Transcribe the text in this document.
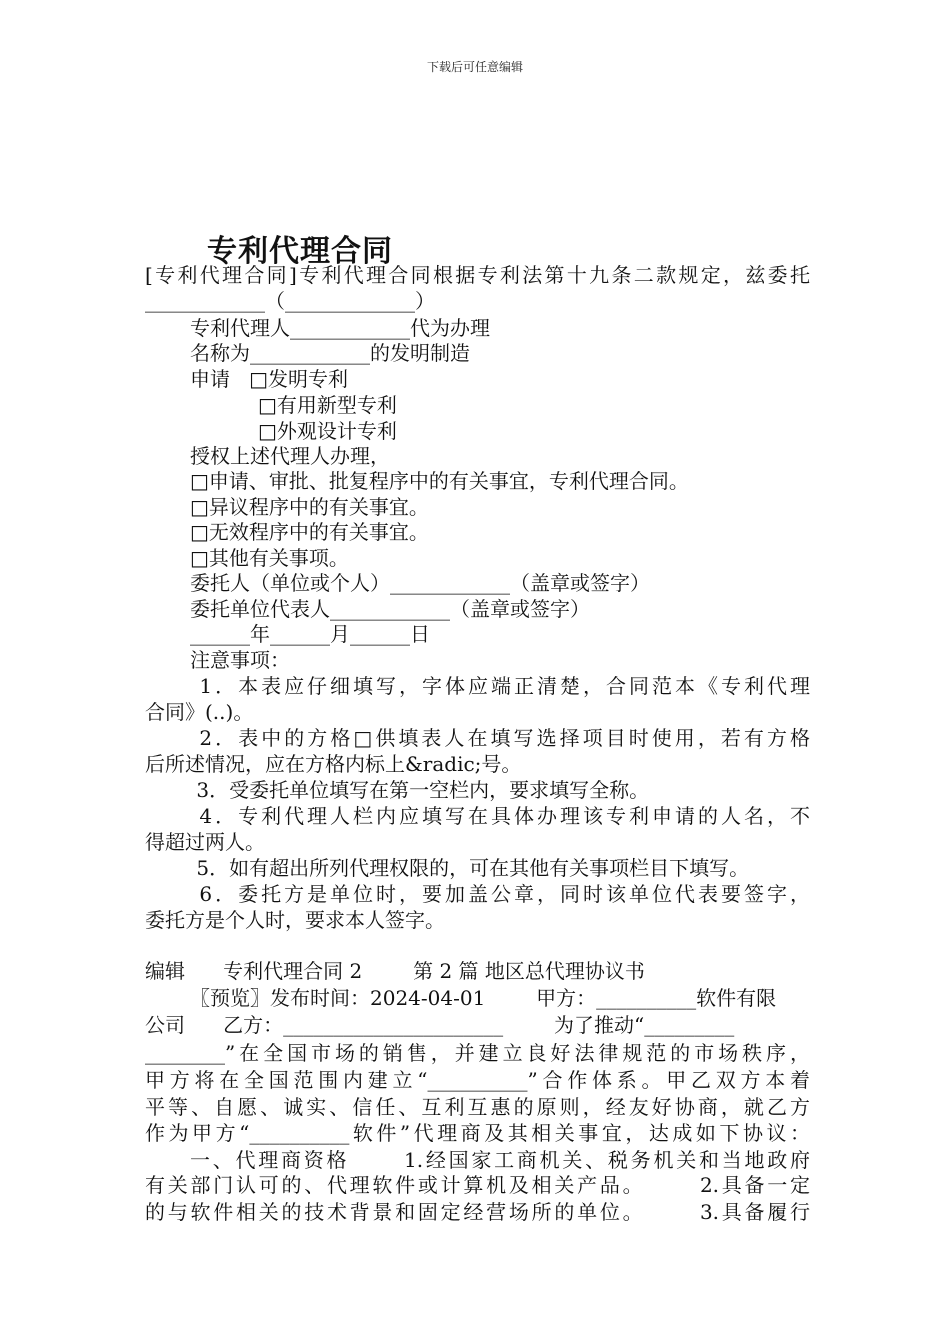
下载后可任意编辑
专利代理合同
[专利代理合同]专利代理合同根据专利法第十九条二款规定，兹委托
____________（_____________）
专利代理人____________代为办理
名称为____________的发明制造
申请   □发明专利
□有用新型专利
□外观设计专利
授权上述代理人办理，
□申请、审批、批复程序中的有关事宜，专利代理合同。
□异议程序中的有关事宜。
□无效程序中的有关事宜。
□其他有关事项。
委托人（单位或个人）____________（盖章或签字）
委托单位代表人____________（盖章或签字）
______年______月______日
注意事项：
1．本表应仔细填写，字体应端正清楚，合同范本《专利代理
合同》(..)。
2．表中的方格□供填表人在填写选择项目时使用，若有方格
后所述情况，应在方格内标上&radic;号。
3．受委托单位填写在第一空栏内，要求填写全称。
4．专利代理人栏内应填写在具体办理该专利申请的人名，不
得超过两人。
5．如有超出所列代理权限的，可在其他有关事项栏目下填写。
6．委托方是单位时，要加盖公章，同时该单位代表要签字，
委托方是个人时，要求本人签字。
编辑      专利代理合同 2        第 2 篇 地区总代理协议书
〖预览〗发布时间：2024-04-01        甲方：__________软件有限
公司      乙方：______________________        为了推动“_________
________”在全国市场的销售，并建立良好法律规范的市场秩序，
甲方将在全国范围内建立“__________”合作体系。甲乙双方本着
平等、自愿、诚实、信任、互利互惠的原则，经友好协商，就乙方
作为甲方“__________软件”代理商及其相关事宜，达成如下协议：
一、代理商资格      1.经国家工商机关、税务机关和当地政府
有关部门认可的、代理软件或计算机及相关产品。      2.具备一定
的与软件相关的技术背景和固定经营场所的单位。      3.具备履行
